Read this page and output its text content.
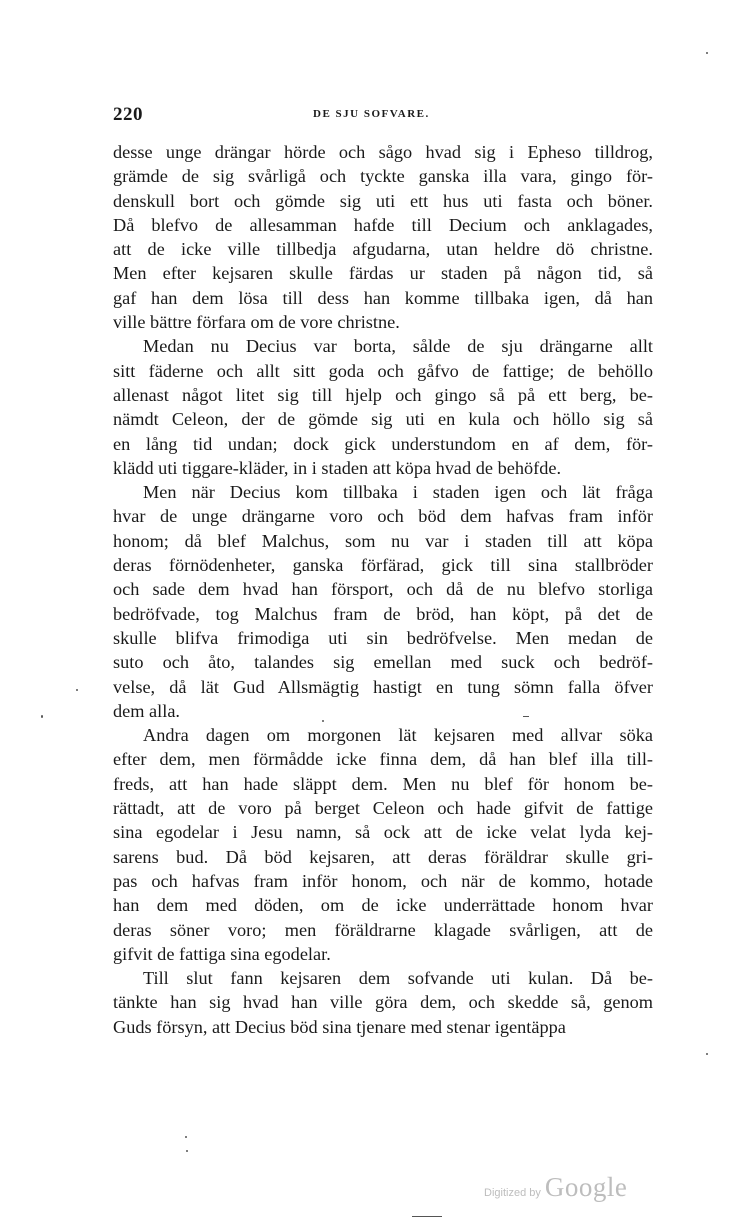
220	DE SJU SOFVARE.
desse unge drängar hörde och sågo hvad sig i Epheso tilldrog,
grämde de sig svårligå och tyckte ganska illa vara, gingo för-
denskull bort och gömde sig uti ett hus uti fasta och böner.
Då blefvo de allesamman hafde till Decium och anklagades,
att de icke ville tillbedja afgudarna, utan heldre dö christne.
Men efter kejsaren skulle färdas ur staden på någon tid, så
gaf han dem lösa till dess han komme tillbaka igen, då han
ville bättre förfara om de vore christne.
Medan nu Decius var borta, sålde de sju drängarne allt
sitt fäderne och allt sitt goda och gåfvo de fattige; de behöllo
allenast något litet sig till hjelp och gingo så på ett berg, be-
nämdt Celeon, der de gömde sig uti en kula och höllo sig så
en lång tid undan; dock gick understundom en af dem, för-
klädd uti tiggare-kläder, in i staden att köpa hvad de behöfde.
Men när Decius kom tillbaka i staden igen och lät fråga
hvar de unge drängarne voro och böd dem hafvas fram inför
honom; då blef Malchus, som nu var i staden till att köpa
deras förnödenheter, ganska förfärad, gick till sina stallbröder
och sade dem hvad han försport, och då de nu blefvo storliga
bedröfvade, tog Malchus fram de bröd, han köpt, på det de
skulle blifva frimodiga uti sin bedröfvelse. Men medan de
suto och åto, talandes sig emellan med suck och bedröf-
velse, då lät Gud Allsmägtig hastigt en tung sömn falla öfver
dem alla.
Andra dagen om morgonen lät kejsaren med allvar söka
efter dem, men förmådde icke finna dem, då han blef illa till-
freds, att han hade släppt dem. Men nu blef för honom be-
rättadt, att de voro på berget Celeon och hade gifvit de fattige
sina egodelar i Jesu namn, så ock att de icke velat lyda kej-
sarens bud. Då böd kejsaren, att deras föräldrar skulle gri-
pas och hafvas fram inför honom, och när de kommo, hotade
han dem med döden, om de icke underrättade honom hvar
deras söner voro; men föräldrarne klagade svårligen, att de
gifvit de fattiga sina egodelar.
Till slut fann kejsaren dem sofvande uti kulan. Då be-
tänkte han sig hvad han ville göra dem, och skedde så, genom
Guds försyn, att Decius böd sina tjenare med stenar igentäppa
Digitized by Google
